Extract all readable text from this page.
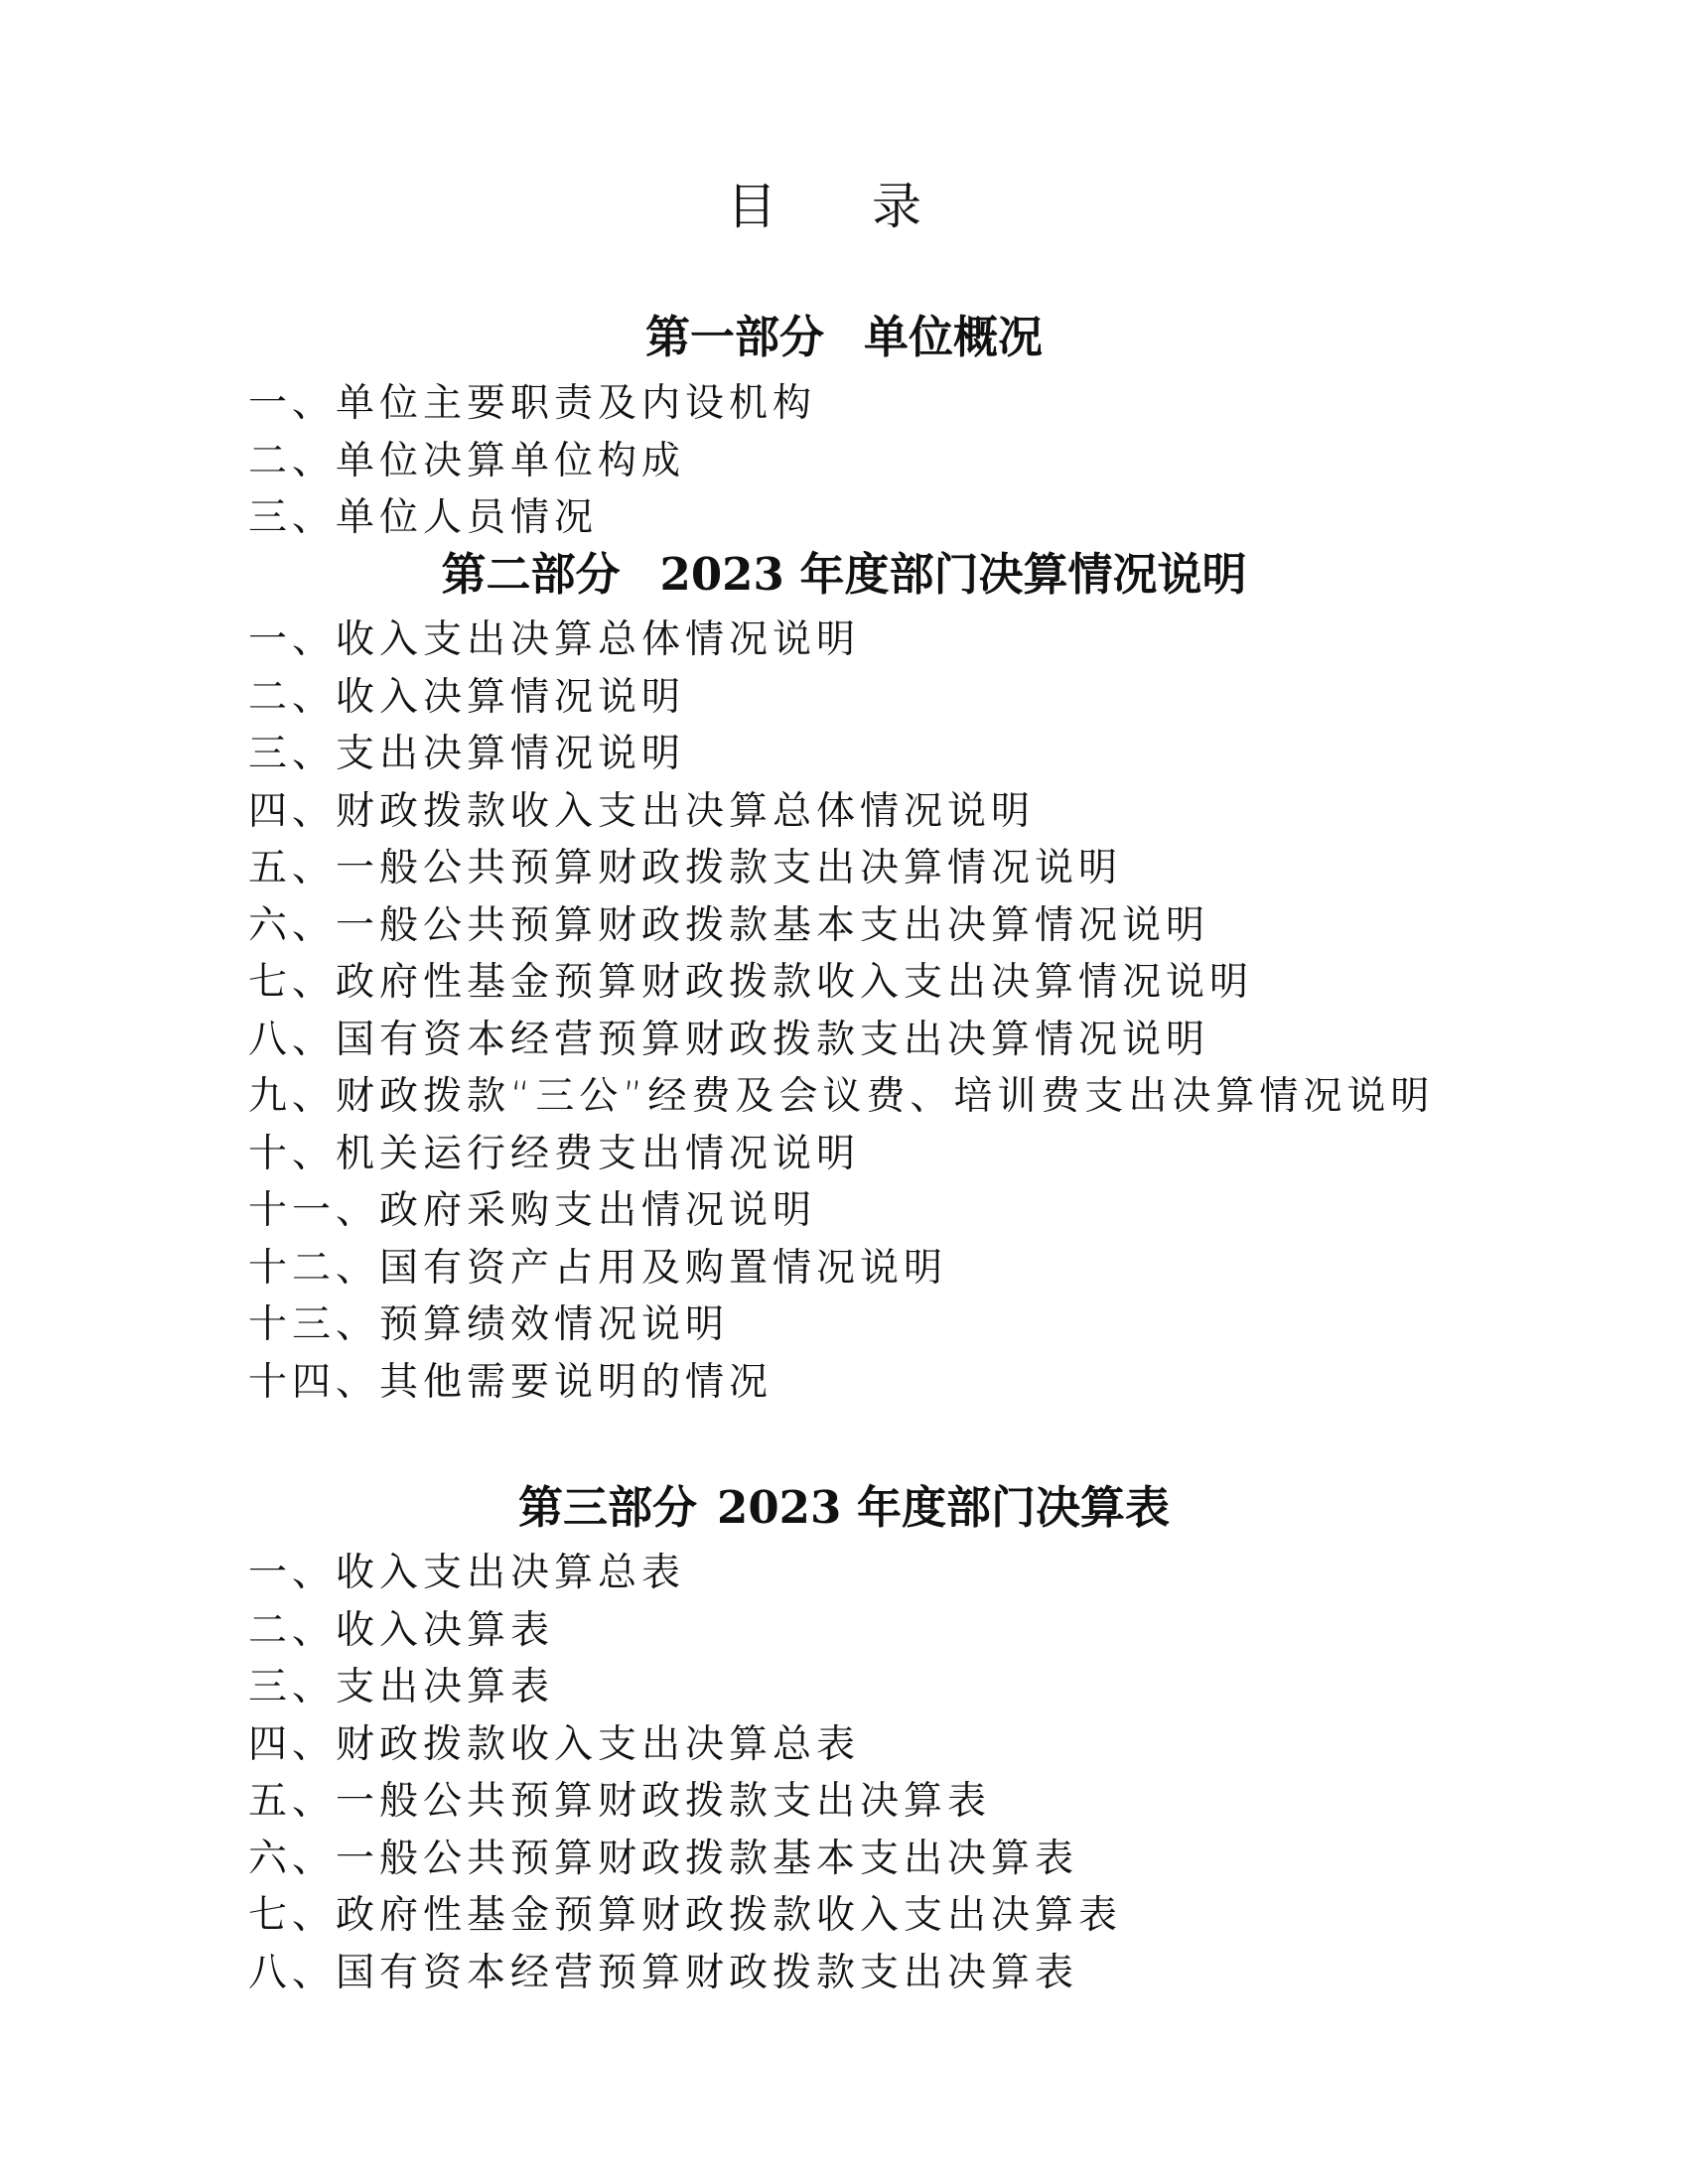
目 录
第一部分 单位概况
一、单位主要职责及内设机构
二、单位决算单位构成
三、单位人员情况
第二部分 2023 年度部门决算情况说明
一、收入支出决算总体情况说明
二、收入决算情况说明
三、支出决算情况说明
四、财政拨款收入支出决算总体情况说明
五、一般公共预算财政拨款支出决算情况说明
六、一般公共预算财政拨款基本支出决算情况说明
七、政府性基金预算财政拨款收入支出决算情况说明
八、国有资本经营预算财政拨款支出决算情况说明
九、财政拨款“三公”经费及会议费、培训费支出决算情况说明
十、机关运行经费支出情况说明
十一、政府采购支出情况说明
十二、国有资产占用及购置情况说明
十三、预算绩效情况说明
十四、其他需要说明的情况
第三部分 2023 年度部门决算表
一、收入支出决算总表
二、收入决算表
三、支出决算表
四、财政拨款收入支出决算总表
五、一般公共预算财政拨款支出决算表
六、一般公共预算财政拨款基本支出决算表
七、政府性基金预算财政拨款收入支出决算表
八、国有资本经营预算财政拨款支出决算表
